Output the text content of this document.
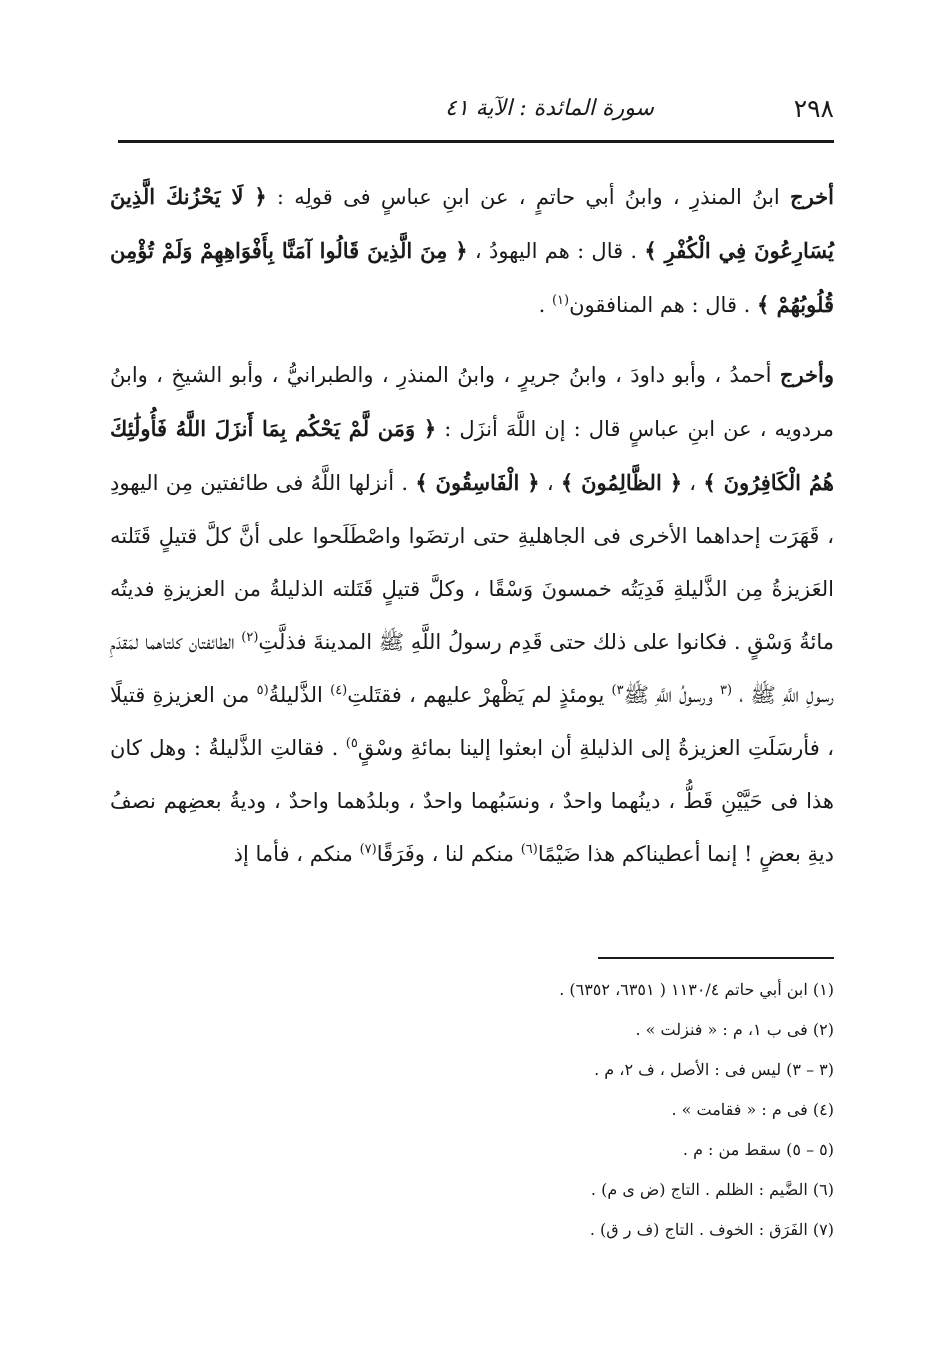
٢٩٨
سورة المائدة : الآية ٤١

أخرج ابنُ المنذرِ ، وابنُ أبي حاتمٍ ، عن ابنِ عباسٍ فى قولِه : ﴿ لَا يَحْزُنكَ الَّذِينَ يُسَارِعُونَ فِي الْكُفْرِ ﴾ . قال : هم اليهودُ ، ﴿ مِنَ الَّذِينَ قَالُوا آمَنَّا بِأَفْوَاهِهِمْ وَلَمْ تُؤْمِن قُلُوبُهُمْ ﴾ . قال : هم المنافقون$^{(١)}$ .

وأخرج أحمدُ ، وأبو داودَ ، وابنُ جريرٍ ، وابنُ المنذرِ ، والطبرانيُّ ، وأبو الشيخِ ، وابنُ مردويه ، عن ابنِ عباسٍ قال : إن اللَّهَ أنزَل : ﴿ وَمَن لَّمْ يَحْكُم بِمَا أَنزَلَ اللَّهُ فَأُولَٰئِكَ هُمُ الْكَافِرُونَ ﴾ ، ﴿ الظَّالِمُونَ ﴾ ، ﴿ الْفَاسِقُونَ ﴾ . أنزلها اللَّهُ فى طائفتين مِن اليهودِ ، قَهَرَت إحداهما الأخرى فى الجاهليةِ حتى ارتضَوا واصْطَلَحوا على أنَّ كلَّ قتيلٍ قَتَلته العَزيزةُ مِن الذَّليلةِ فَدِيَتُه خمسونَ وَسْقًا ، وكلَّ قتيلٍ قَتَلته الذليلةُ من العزيزةِ فديتُه مائةُ وَسْقٍ . فكانوا على ذلك حتى قَدِم رسولُ اللَّهِ ﷺ المدينةَ فذلَّتِ$^{(٢)}$ الطائفتان كلتاهما لمَقدَمِ رسولِ اللَّهِ ﷺ ، $^{(٣}$ ورسولُ اللَّهِ ﷺ$^{٣)}$ يومئذٍ لم يَظْهرْ عليهم ، فقتَلتِ$^{(٤)}$ الذَّليلةُ$^{(٥}$ من العزيزةِ قتيلًا ، فأرسَلَتِ العزيزةُ إلى الذليلةِ أن ابعثوا إلينا بمائةِ وسْقٍ$^{٥)}$ . فقالتِ الذَّليلةُ : وهل كان هذا فى حَيَّيْنِ قَطُّ ، دينُهما واحدٌ ، ونسَبُهما واحدٌ ، وبلدُهما واحدٌ ، وديةُ بعضِهم نصفُ ديةِ بعضٍ ! إنما أعطيناكم هذا ضَيْمًا$^{(٦)}$ منكم لنا ، وفَرَقًا$^{(٧)}$ منكم ، فأما إذ

(١) ابن أبي حاتم ١١٣٠/٤ ( ٦٣٥١، ٦٣٥٢) .

(٢) فى ب ١، م : « فنزلت » .

(٣ – ٣) ليس فى : الأصل ، ف ٢، م .

(٤) فى م : « فقامت » .

(٥ – ٥) سقط من : م .

(٦) الضَّيم : الظلم . التاج (ض ى م) .

(٧) الفَرَق : الخوف . التاج (ف ر ق) .
